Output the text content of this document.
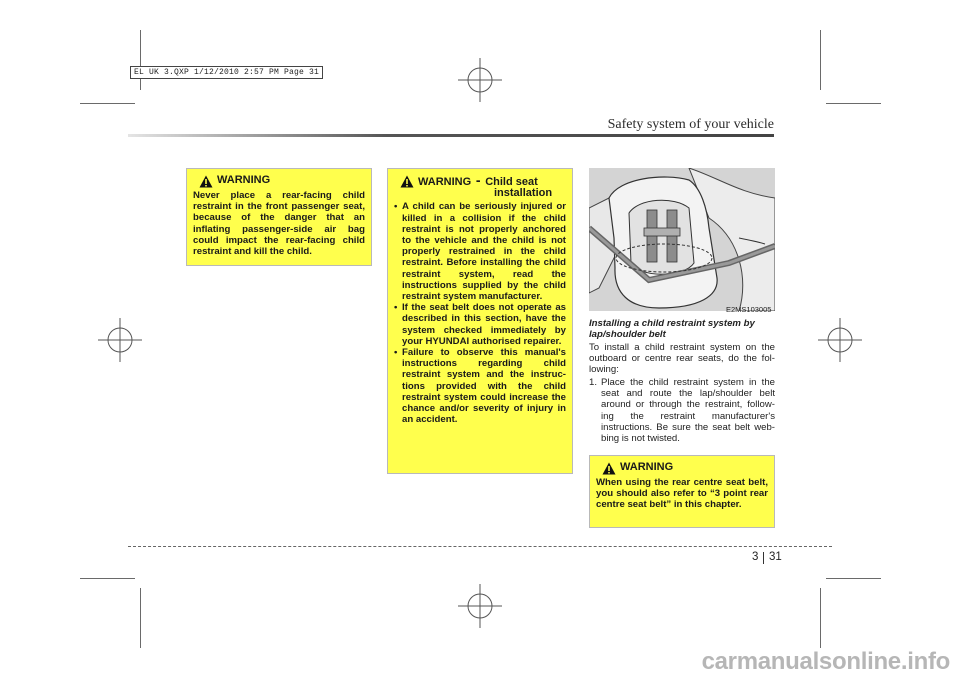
EL UK 3.QXP 1/12/2010 2:57 PM Page 31
Safety system of your vehicle
WARNING
Never place a rear-facing child restraint in the front passenger seat, because of the danger that an inflating passenger-side air bag could impact the rear-facing child restraint and kill the child.
WARNING - Child seat
installation
• A child can be seriously injured or killed in a collision if the child restraint is not properly anchored to the vehicle and the child is not properly restrained in the child restraint. Before installing the child restraint system, read the instructions supplied by the child restraint system manufacturer.
• If the seat belt does not operate as described in this section, have the system checked immediately by your HYUNDAI authorised repairer.
• Failure to observe this manual's instructions regarding child restraint system and the instruc-tions provided with the child restraint system could increase the chance and/or severity of injury in an accident.
E2MS103005
Installing a child restraint system by lap/shoulder belt
To install a child restraint system on the outboard or centre rear seats, do the fol-lowing:
1. Place the child restraint system in the seat and route the lap/shoulder belt around or through the restraint, follow-ing the restraint manufacturer's instructions. Be sure the seat belt web-bing is not twisted.
WARNING
When using the rear centre seat belt, you should also refer to “3 point rear centre seat belt” in this chapter.
3 31
carmanualsonline.info
